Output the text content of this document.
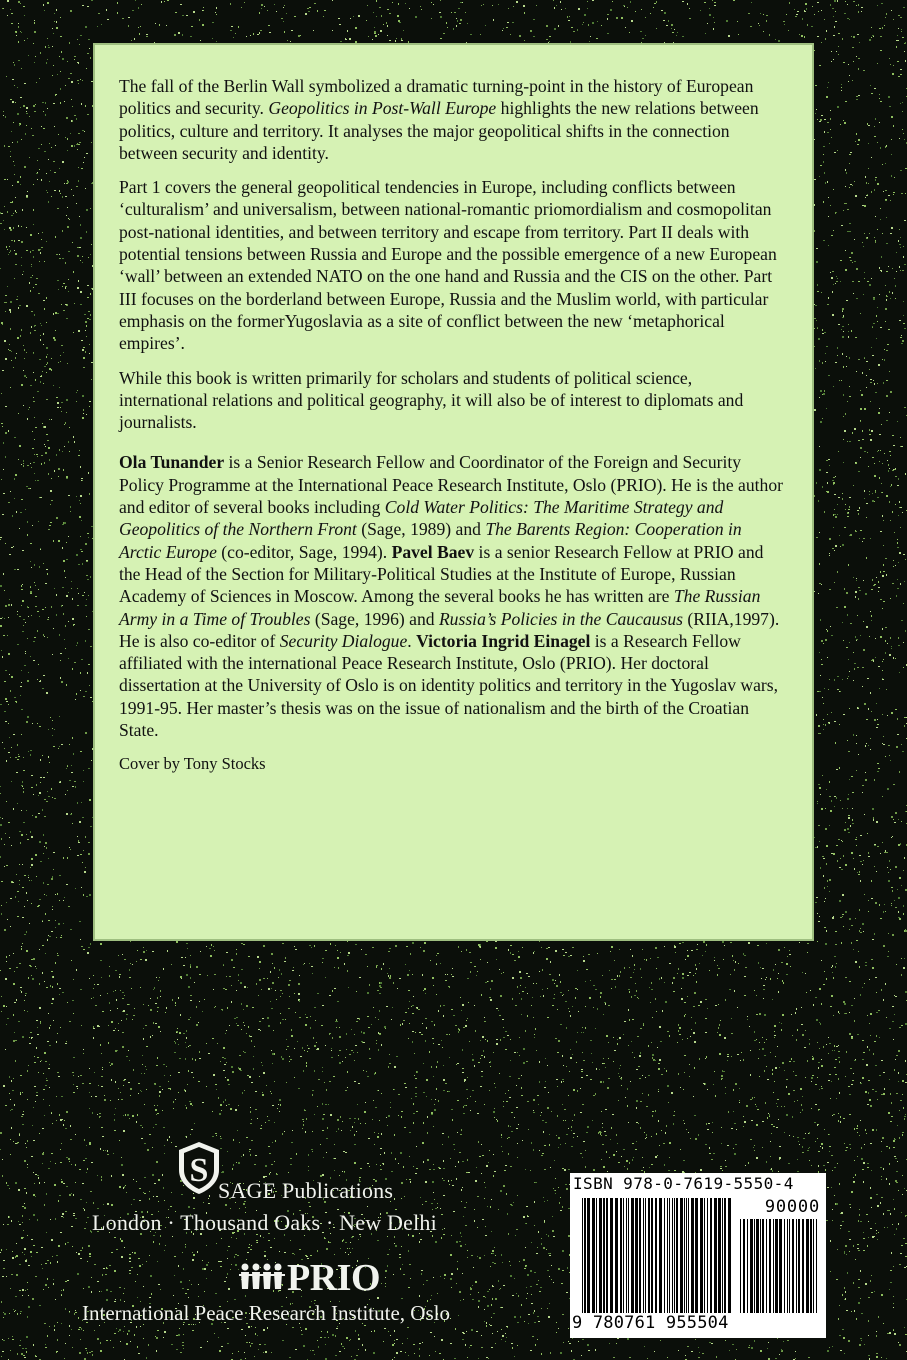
The fall of the Berlin Wall symbolized a dramatic turning-point in the history of European politics and security. Geopolitics in Post-Wall Europe highlights the new relations between politics, culture and territory. It analyses the major geopolitical shifts in the connection between security and identity.

Part 1 covers the general geopolitical tendencies in Europe, including conflicts between ‘culturalism’ and universalism, between national-romantic priomordialism and cosmopolitan post-national identities, and between territory and escape from territory. Part II deals with potential tensions between Russia and Europe and the possible emergence of a new European ‘wall’ between an extended NATO on the one hand and Russia and the CIS on the other. Part III focuses on the borderland between Europe, Russia and the Muslim world, with particular emphasis on the formerYugoslavia as a site of conflict between the new ‘metaphorical empires’.

While this book is written primarily for scholars and students of political science, international relations and political geography, it will also be of interest to diplomats and journalists.

Ola Tunander is a Senior Research Fellow and Coordinator of the Foreign and Security Policy Programme at the International Peace Research Institute, Oslo (PRIO). He is the author and editor of several books including Cold Water Politics: The Maritime Strategy and Geopolitics of the Northern Front (Sage, 1989) and The Barents Region: Cooperation in Arctic Europe (co-editor, Sage, 1994). Pavel Baev is a senior Research Fellow at PRIO and the Head of the Section for Military-Political Studies at the Institute of Europe, Russian Academy of Sciences in Moscow. Among the several books he has written are The Russian Army in a Time of Troubles (Sage, 1996) and Russia’s Policies in the Caucausus (RIIA,1997). He is also co-editor of Security Dialogue. Victoria Ingrid Einagel is a Research Fellow affiliated with the international Peace Research Institute, Oslo (PRIO). Her doctoral dissertation at the University of Oslo is on identity politics and territory in the Yugoslav wars, 1991-95. Her master’s thesis was on the issue of nationalism and the birth of the Croatian State.

Cover by Tony Stocks
S
SAGE Publications
London · Thousand Oaks · New Delhi
PRIO
International Peace Research Institute, Oslo
ISBN 978-0-7619-5550-4
90000
9 780761 955504
